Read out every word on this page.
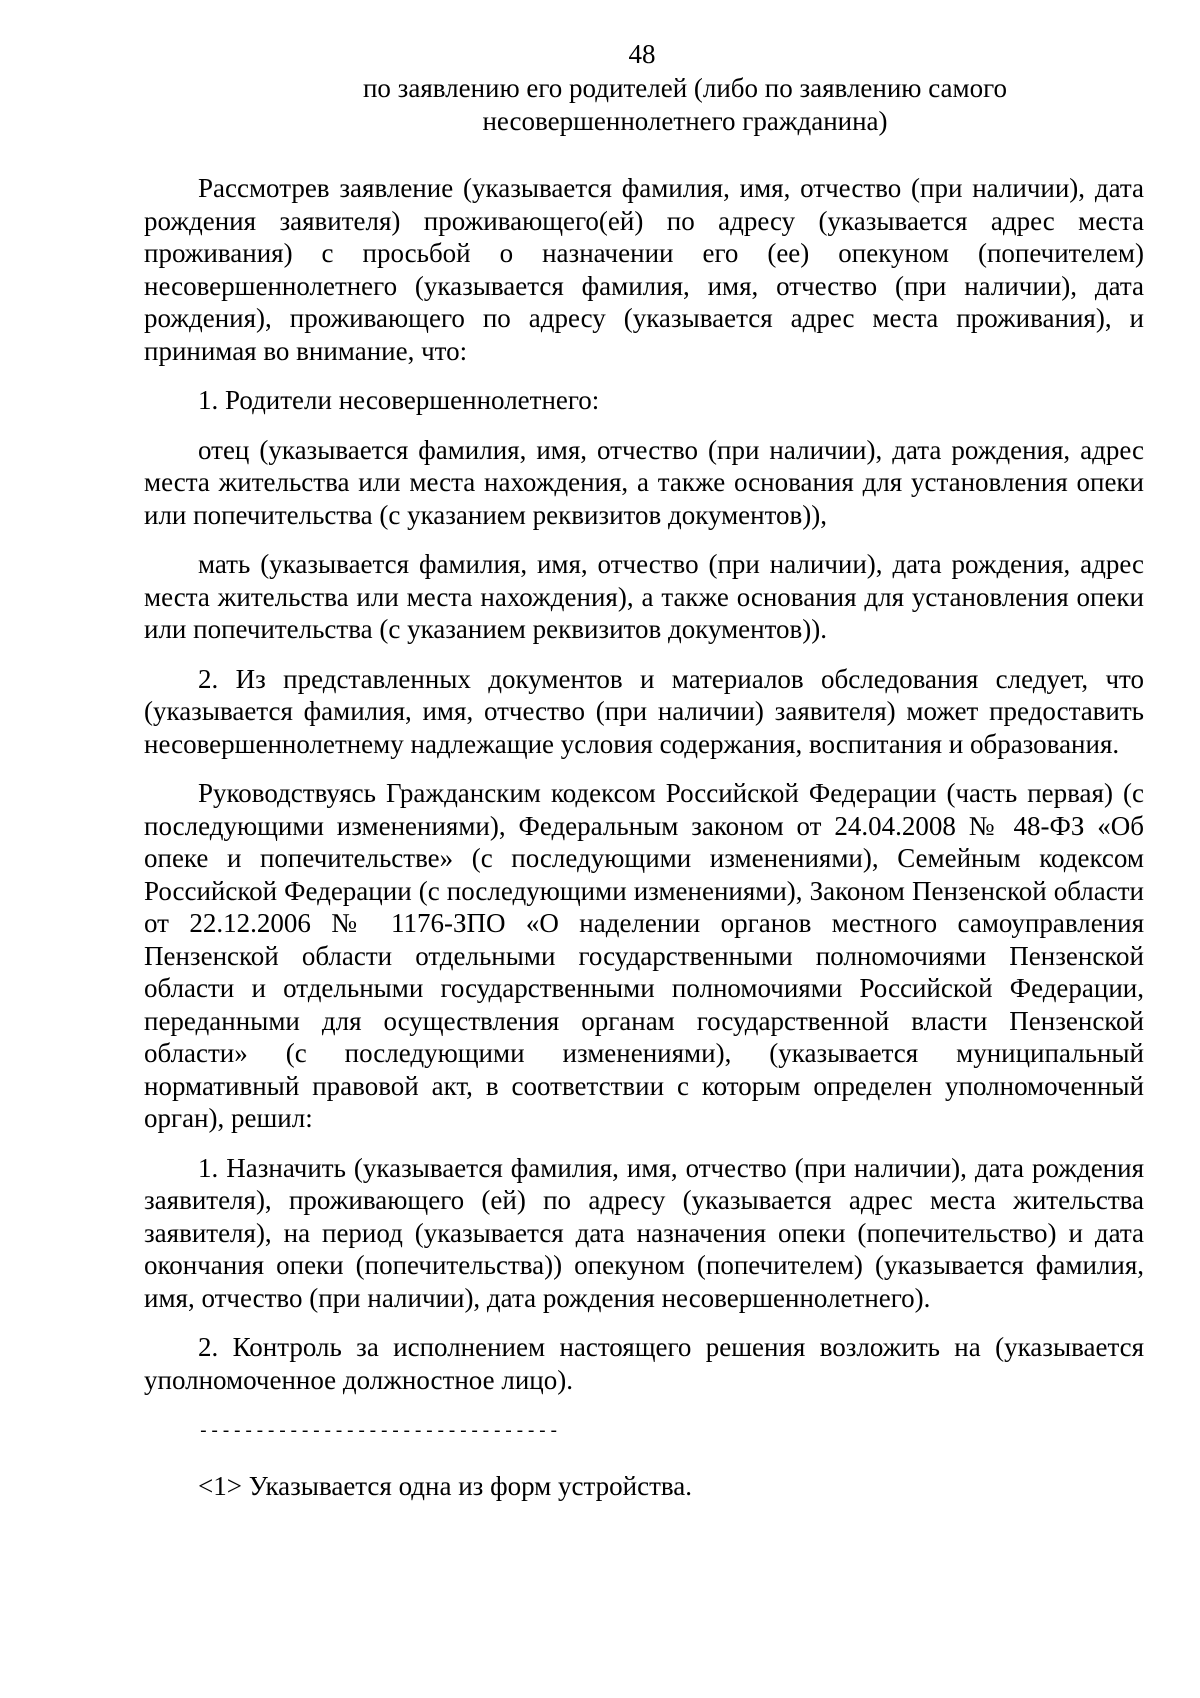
48
по заявлению его родителей (либо по заявлению самого несовершеннолетнего гражданина)

Рассмотрев заявление (указывается фамилия, имя, отчество (при наличии), дата рождения заявителя) проживающего(ей) по адресу (указывается адрес места проживания) с просьбой о назначении его (ее) опекуном (попечителем) несовершеннолетнего (указывается фамилия, имя, отчество (при наличии), дата рождения), проживающего по адресу (указывается адрес места проживания), и принимая во внимание, что:

1. Родители несовершеннолетнего:

отец (указывается фамилия, имя, отчество (при наличии), дата рождения, адрес места жительства или места нахождения, а также основания для установления опеки или попечительства (с указанием реквизитов документов)),

мать (указывается фамилия, имя, отчество (при наличии), дата рождения, адрес места жительства или места нахождения), а также основания для установления опеки или попечительства (с указанием реквизитов документов)).

2. Из представленных документов и материалов обследования следует, что (указывается фамилия, имя, отчество (при наличии) заявителя) может предоставить несовершеннолетнему надлежащие условия содержания, воспитания и образования.

Руководствуясь Гражданским кодексом Российской Федерации (часть первая) (с последующими изменениями), Федеральным законом от 24.04.2008 № 48-ФЗ «Об опеке и попечительстве» (с последующими изменениями), Семейным кодексом Российской Федерации (с последующими изменениями), Законом Пензенской области от 22.12.2006 № 1176-ЗПО «О наделении органов местного самоуправления Пензенской области отдельными государственными полномочиями Пензенской области и отдельными государственными полномочиями Российской Федерации, переданными для осуществления органам государственной власти Пензенской области» (с последующими изменениями), (указывается муниципальный нормативный правовой акт, в соответствии с которым определен уполномоченный орган), решил:

1. Назначить (указывается фамилия, имя, отчество (при наличии), дата рождения заявителя), проживающего (ей) по адресу (указывается адрес места жительства заявителя), на период (указывается дата назначения опеки (попечительство) и дата окончания опеки (попечительства)) опекуном (попечителем) (указывается фамилия, имя, отчество (при наличии), дата рождения несовершеннолетнего).

2. Контроль за исполнением настоящего решения возложить на (указывается уполномоченное должностное лицо).

--------------------------------
<1> Указывается одна из форм устройства.
